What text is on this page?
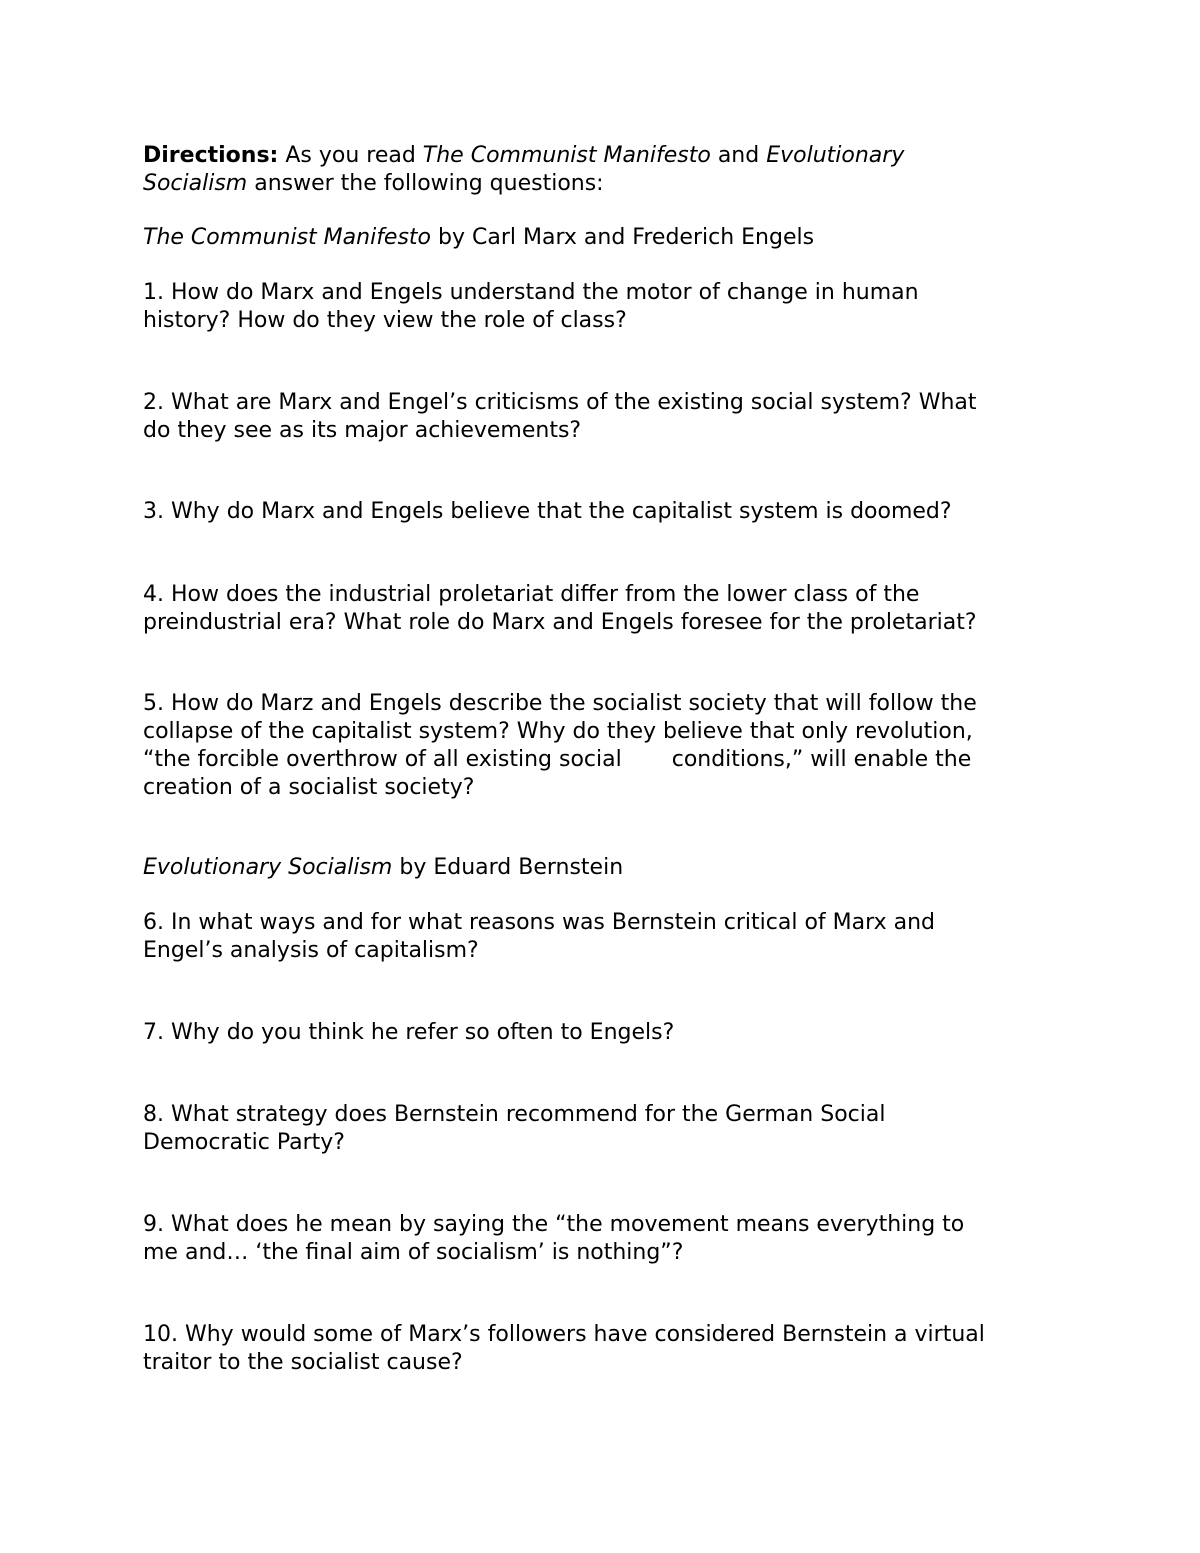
Directions: As you read The Communist Manifesto and Evolutionary
Socialism answer the following questions:

The Communist Manifesto by Carl Marx and Frederich Engels

1. How do Marx and Engels understand the motor of change in human
history? How do they view the role of class?

2. What are Marx and Engel’s criticisms of the existing social system? What
do they see as its major achievements?

3. Why do Marx and Engels believe that the capitalist system is doomed?

4. How does the industrial proletariat differ from the lower class of the
preindustrial era? What role do Marx and Engels foresee for the proletariat?

5. How do Marz and Engels describe the socialist society that will follow the
collapse of the capitalist system? Why do they believe that only revolution,
“the forcible overthrow of all existing social conditions,” will enable the
creation of a socialist society?

Evolutionary Socialism by Eduard Bernstein

6. In what ways and for what reasons was Bernstein critical of Marx and
Engel’s analysis of capitalism?

7. Why do you think he refer so often to Engels?

8. What strategy does Bernstein recommend for the German Social
Democratic Party?

9. What does he mean by saying the “the movement means everything to
me and… ‘the final aim of socialism’ is nothing”?

10. Why would some of Marx’s followers have considered Bernstein a virtual
traitor to the socialist cause?
